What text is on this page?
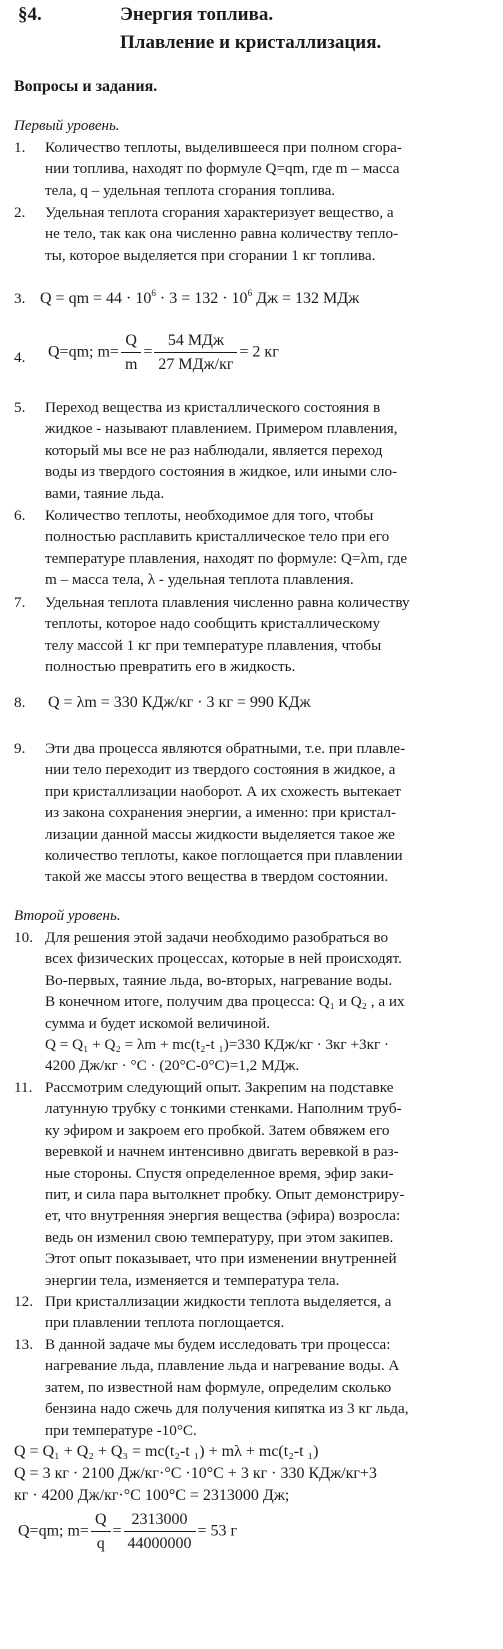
§4.	Энергия топлива.
Плавление и кристаллизация.
Вопросы и задания.
Первый уровень.
1. Количество теплоты, выделившееся при полном сгора-
нии топлива, находят по формуле Q=qm, где m – масса
тела, q – удельная теплота сгорания топлива.
2. Удельная теплота сгорания характеризует вещество, а
не тело, так как она численно равна количеству тепло-
ты, которое выделяется при сгорании 1 кг топлива.
3. Q = qm = $44 \cdot 10^6 \cdot 3 = 132 \cdot 10^6$ Дж = 132 МДж
4. Q=qm; $m= \frac{Q}{m} = \frac{\text{54 МДж}}{\text{27 МДж/кг}} = 2$ кг
5. Переход вещества из кристаллического состояния в
жидкое - называют плавлением. Примером плавления,
который мы все не раз наблюдали, является переход
воды из твердого состояния в жидкое, или иными сло-
вами, таяние льда.
6. Количество теплоты, необходимое для того, чтобы
полностью расплавить кристаллическое тело при его
температуре плавления, находят по формуле: Q=λm, где
m – масса тела, λ - удельная теплота плавления.
7. Удельная теплота плавления численно равна количеству
теплоты, которое надо сообщить кристаллическому
телу массой 1 кг при температуре плавления, чтобы
полностью превратить его в жидкость.
8. Q = λm = 330 КДж/кг · 3 кг = 990 КДж
9. Эти два процесса являются обратными, т.е. при плавле-
нии тело переходит из твердого состояния в жидкое, а
при кристаллизации наоборот. А их схожесть вытекает
из закона сохранения энергии, а именно: при кристал-
лизации данной массы жидкости выделяется такое же
количество теплоты, какое поглощается при плавлении
такой же массы этого вещества в твердом состоянии.
Второй уровень.
10. Для решения этой задачи необходимо разобраться во
всех физических процессах, которые в ней происходят.
Во-первых, таяние льда, во-вторых, нагревание воды.
В конечном итоге, получим два процесса: Q₁ и Q₂ , а их
сумма и будет искомой величиной.
Q = Q₁ + Q₂ = λm + mc(t₂-t ₁)=330 КДж/кг · 3кг +3кг ·
4200 Дж/кг · °С · (20°С-0°С)=1,2 МДж.
11. Рассмотрим следующий опыт. Закрепим на подставке
латунную трубку с тонкими стенками. Наполним труб-
ку эфиром и закроем его пробкой. Затем обвяжем его
веревкой и начнем интенсивно двигать веревкой в раз-
ные стороны. Спустя определенное время, эфир заки-
пит, и сила пара вытолкнет пробку. Опыт демонстриру-
ет, что внутренняя энергия вещества (эфира) возросла:
ведь он изменил свою температуру, при этом закипев.
Этот опыт показывает, что при изменении внутренней
энергии тела, изменяется и температура тела.
12. При кристаллизации жидкости теплота выделяется, а
при плавлении теплота поглощается.
13. В данной задаче мы будем исследовать три процесса:
нагревание льда, плавление льда и нагревание воды. А
затем, по известной нам формуле, определим сколько
бензина надо сжечь для получения кипятка из 3 кг льда,
при температуре -10°С.
Q = Q₁ + Q₂ + Q₃ = mc(t₂-t ₁) + mλ + mc(t₂-t ₁)
Q = 3 кг · 2100 Дж/кг·°С ·10°С + 3 кг · 330 КДж/кг+3
кг · 4200 Дж/кг·°С 100°С = 2313000 Дж;
Q=qm; $m= \frac{Q}{q} = \frac{2313000}{44000000} = 53$ г
